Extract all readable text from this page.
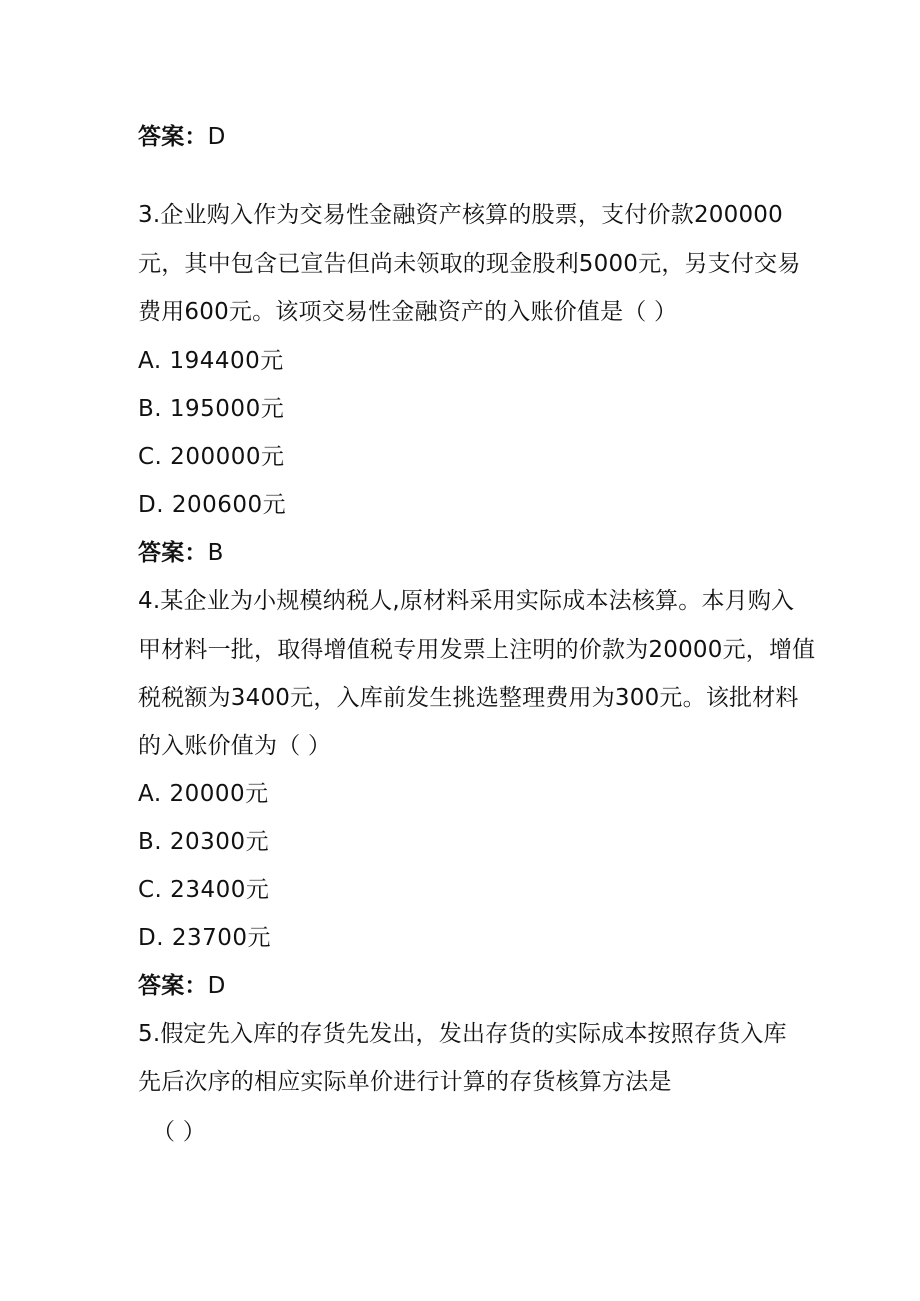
答案：D
3.企业购入作为交易性金融资产核算的股票，支付价款200000
元，其中包含已宣告但尚未领取的现金股利5000元，另支付交易
费用600元。该项交易性金融资产的入账价值是（ ）
A. 194400元
B. 195000元
C. 200000元
D. 200600元
答案：B
4.某企业为小规模纳税人,原材料采用实际成本法核算。本月购入
甲材料一批，取得增值税专用发票上注明的价款为20000元，增值
税税额为3400元，入库前发生挑选整理费用为300元。该批材料
的入账价值为（ ）
A. 20000元
B. 20300元
C. 23400元
D. 23700元
答案：D
5.假定先入库的存货先发出，发出存货的实际成本按照存货入库
先后次序的相应实际单价进行计算的存货核算方法是
（ ）
